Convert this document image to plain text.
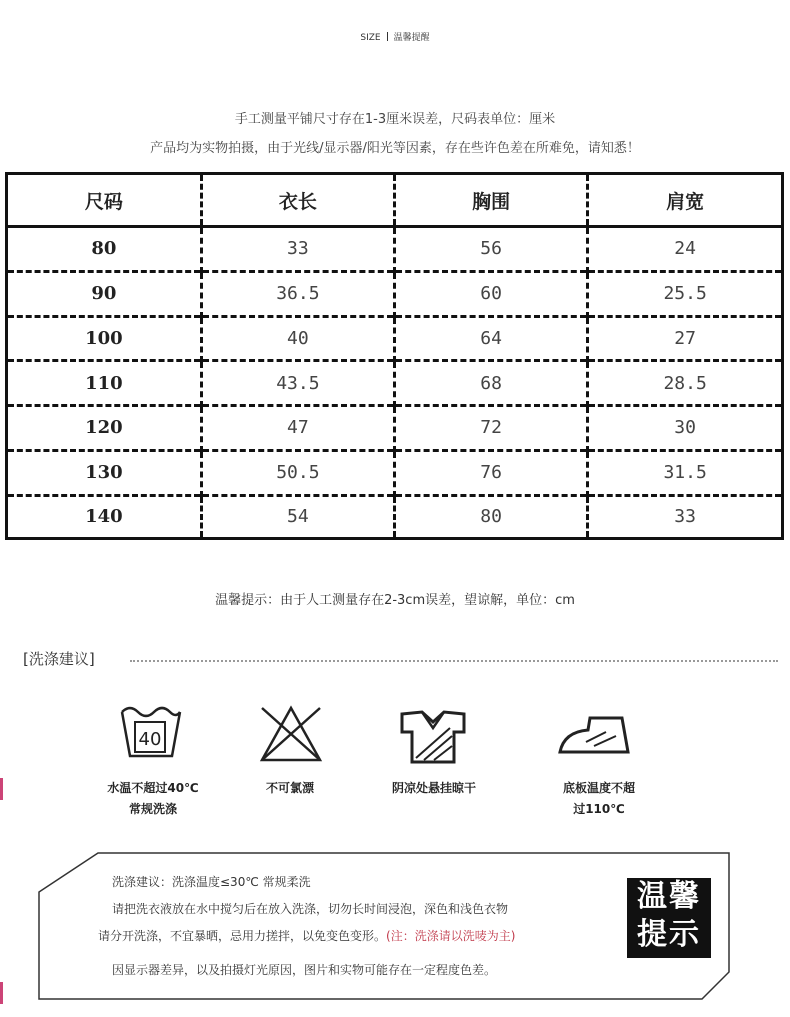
SIZE 温馨提醒
手工测量平铺尺寸存在1-3厘米误差，尺码表单位：厘米
产品均为实物拍摄，由于光线/显示器/阳光等因素，存在些许色差在所难免，请知悉！
尺码	衣长	胸围	肩宽
80	33	56	24
90	36.5	60	25.5
100	40	64	27
110	43.5	68	28.5
120	47	72	30
130	50.5	76	31.5
140	54	80	33
温馨提示：由于人工测量存在2-3cm误差，望谅解，单位：cm
[洗涤建议]
40
水温不超过40℃
常规洗涤
不可氯漂	阴凉处悬挂晾干	底板温度不超
过110℃
洗涤建议：洗涤温度≤30℃ 常规柔洗
请把洗衣液放在水中搅匀后在放入洗涤，切勿长时间浸泡，深色和浅色衣物
请分开洗涤，不宜暴晒，忌用力搓拌，以免变色变形。(注：洗涤请以洗唛为主)
因显示器差异，以及拍摄灯光原因，图片和实物可能存在一定程度色差。
温馨
提示
